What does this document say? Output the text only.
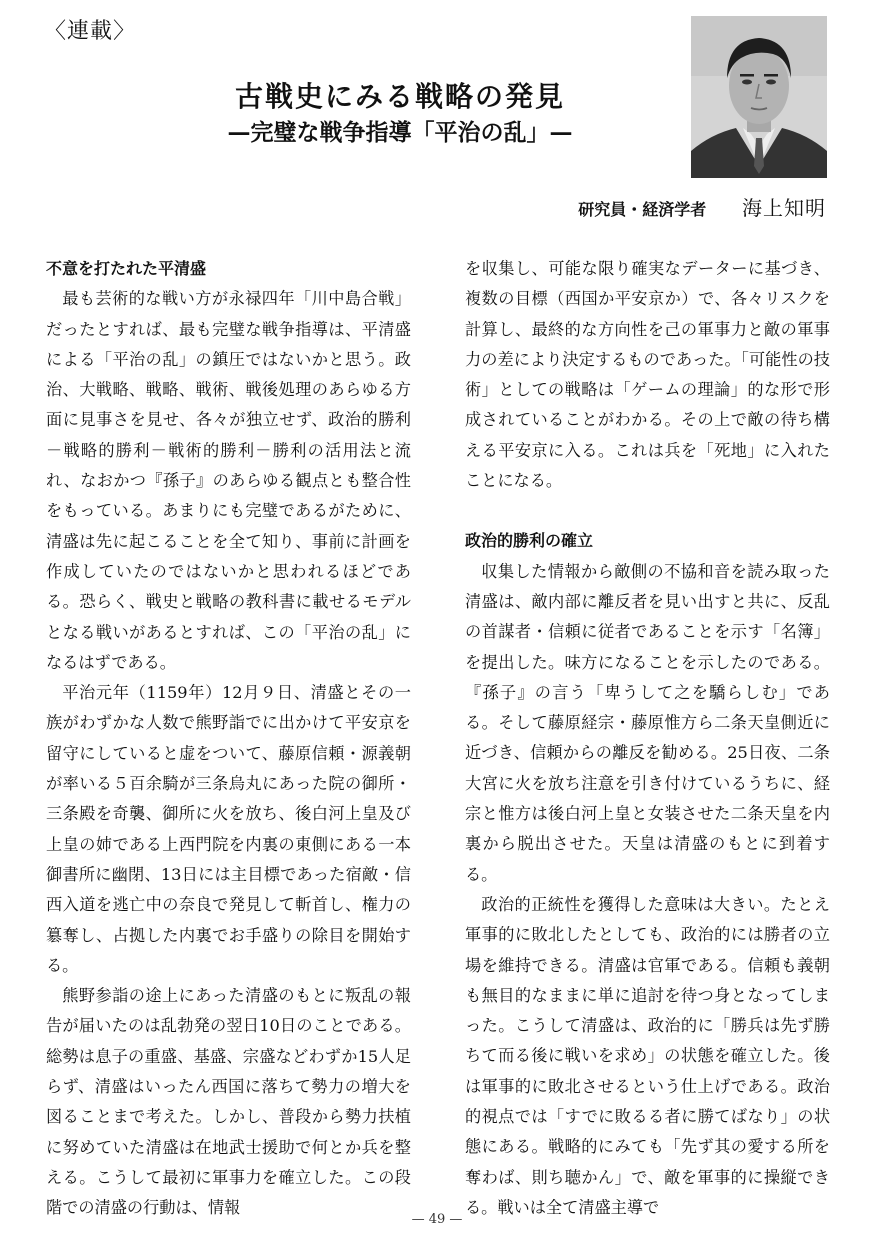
〈連載〉
古戦史にみる戦略の発見
—完璧な戦争指導「平治の乱」—
研究員・経済学者 海上知明
不意を打たれた平清盛

最も芸術的な戦い方が永禄四年「川中島合戦」だったとすれば、最も完璧な戦争指導は、平清盛による「平治の乱」の鎮圧ではないかと思う。政治、大戦略、戦略、戦術、戦後処理のあらゆる方面に見事さを見せ、各々が独立せず、政治的勝利－戦略的勝利－戦術的勝利－勝利の活用法と流れ、なおかつ『孫子』のあらゆる観点とも整合性をもっている。あまりにも完璧であるがために、清盛は先に起こることを全て知り、事前に計画を作成していたのではないかと思われるほどである。恐らく、戦史と戦略の教科書に載せるモデルとなる戦いがあるとすれば、この「平治の乱」になるはずである。

平治元年（1159年）12月９日、清盛とその一族がわずかな人数で熊野詣でに出かけて平安京を留守にしていると虚をついて、藤原信頼・源義朝が率いる５百余騎が三条烏丸にあった院の御所・三条殿を奇襲、御所に火を放ち、後白河上皇及び上皇の姉である上西門院を内裏の東側にある一本御書所に幽閉、13日には主目標であった宿敵・信西入道を逃亡中の奈良で発見して斬首し、権力の簒奪し、占拠した内裏でお手盛りの除目を開始する。

熊野参詣の途上にあった清盛のもとに叛乱の報告が届いたのは乱勃発の翌日10日のことである。総勢は息子の重盛、基盛、宗盛などわずか15人足らず、清盛はいったん西国に落ちて勢力の増大を図ることまで考えた。しかし、普段から勢力扶植に努めていた清盛は在地武士援助で何とか兵を整える。こうして最初に軍事力を確立した。この段階での清盛の行動は、情報

を収集し、可能な限り確実なデーターに基づき、複数の目標（西国か平安京か）で、各々リスクを計算し、最終的な方向性を己の軍事力と敵の軍事力の差により決定するものであった。「可能性の技術」としての戦略は「ゲームの理論」的な形で形成されていることがわかる。その上で敵の待ち構える平安京に入る。これは兵を「死地」に入れたことになる。

政治的勝利の確立

収集した情報から敵側の不協和音を読み取った清盛は、敵内部に離反者を見い出すと共に、反乱の首謀者・信頼に従者であることを示す「名簿」を提出した。味方になることを示したのである。『孫子』の言う「卑うして之を驕らしむ」である。そして藤原経宗・藤原惟方ら二条天皇側近に近づき、信頼からの離反を勧める。25日夜、二条大宮に火を放ち注意を引き付けているうちに、経宗と惟方は後白河上皇と女装させた二条天皇を内裏から脱出させた。天皇は清盛のもとに到着する。

政治的正統性を獲得した意味は大きい。たとえ軍事的に敗北したとしても、政治的には勝者の立場を維持できる。清盛は官軍である。信頼も義朝も無目的なままに単に追討を待つ身となってしまった。こうして清盛は、政治的に「勝兵は先ず勝ちて而る後に戦いを求め」の状態を確立した。後は軍事的に敗北させるという仕上げである。政治的視点では「すでに敗るる者に勝てばなり」の状態にある。戦略的にみても「先ず其の愛する所を奪わば、則ち聴かん」で、敵を軍事的に操縦できる。戦いは全て清盛主導で

— 49 —
